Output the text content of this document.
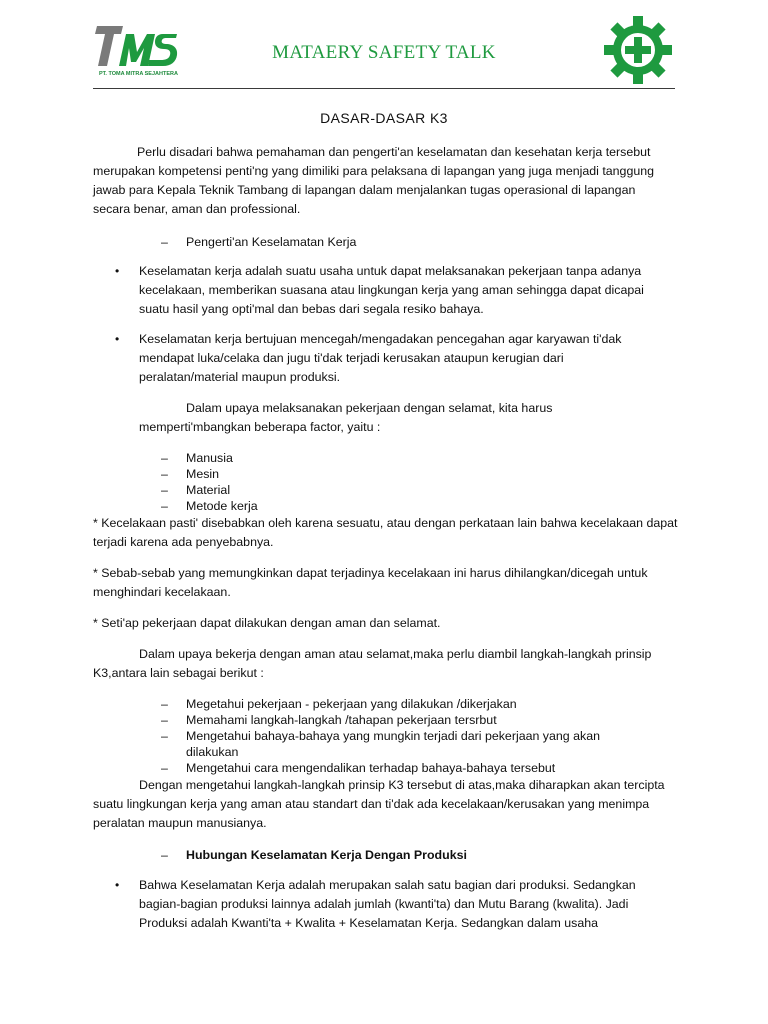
PT. TOMA MITRA SEJAHTERA
MATAERY SAFETY TALK
DASAR-DASAR K3

Perlu disadari bahwa pemahaman dan pengerti'an keselamatan dan kesehatan kerja tersebut merupakan kompetensi penti'ng yang dimiliki para pelaksana di lapangan yang juga menjadi tanggung jawab para Kepala Teknik Tambang di lapangan dalam menjalankan tugas operasional di lapangan secara benar, aman dan professional.

– Pengerti'an Keselamatan Kerja
• Keselamatan kerja adalah suatu usaha untuk dapat melaksanakan pekerjaan tanpa adanya kecelakaan, memberikan suasana atau lingkungan kerja yang aman sehingga dapat dicapai suatu hasil yang opti'mal dan bebas dari segala resiko bahaya.

• Keselamatan kerja bertujuan mencegah/mengadakan pencegahan agar karyawan ti'dak mendapat luka/celaka dan jugu ti'dak terjadi kerusakan ataupun kerugian dari peralatan/material maupun produksi.

Dalam upaya melaksanakan pekerjaan dengan selamat, kita harus memperti'mbangkan beberapa factor, yaitu :

– Manusia
– Mesin
– Material
– Metode kerja

* Kecelakaan pasti' disebabkan oleh karena sesuatu, atau dengan perkataan lain bahwa kecelakaan dapat terjadi karena ada penyebabnya.

* Sebab-sebab yang memungkinkan dapat terjadinya kecelakaan ini harus dihilangkan/dicegah untuk menghindari kecelakaan.

* Seti'ap pekerjaan dapat dilakukan dengan aman dan selamat.

Dalam upaya bekerja dengan aman atau selamat,maka perlu diambil langkah-langkah prinsip K3,antara lain sebagai berikut :

– Megetahui pekerjaan - pekerjaan yang dilakukan /dikerjakan
– Memahami langkah-langkah /tahapan pekerjaan tersrbut
– Mengetahui bahaya-bahaya yang mungkin terjadi dari pekerjaan yang akan
dilakukan
– Mengetahui cara mengendalikan terhadap bahaya-bahaya tersebut

Dengan mengetahui langkah-langkah prinsip K3 tersebut di atas,maka diharapkan akan tercipta suatu lingkungan kerja yang aman atau standart dan ti'dak ada kecelakaan/kerusakan yang menimpa peralatan maupun manusianya.

– Hubungan Keselamatan Kerja Dengan Produksi
• Bahwa Keselamatan Kerja adalah merupakan salah satu bagian dari produksi. Sedangkan bagian-bagian produksi lainnya adalah jumlah (kwanti'ta) dan Mutu Barang (kwalita). Jadi Produksi adalah Kwanti'ta + Kwalita + Keselamatan Kerja. Sedangkan dalam usaha
